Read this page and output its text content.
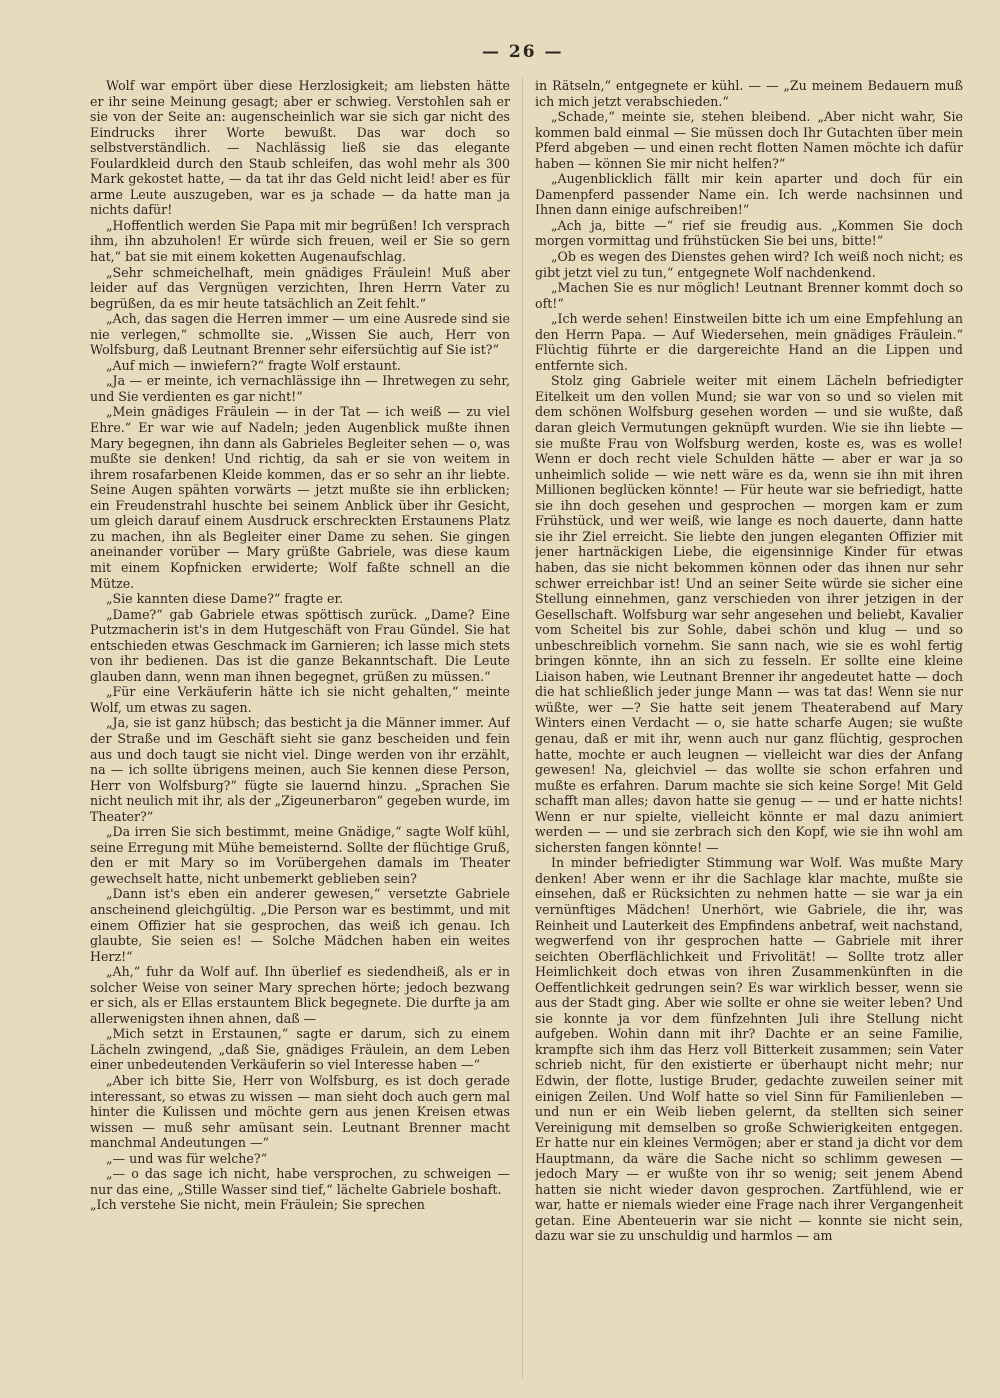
— 26 —

Wolf war empört über diese Herzlosigkeit; am liebsten hätte er ihr seine Meinung gesagt; aber er schwieg. Verstohlen sah er sie von der Seite an: augenscheinlich war sie sich gar nicht des Eindrucks ihrer Worte bewußt. Das war doch so selbstverständlich. — Nachlässig ließ sie das elegante Foulardkleid durch den Staub schleifen, das wohl mehr als 300 Mark gekostet hatte, — da tat ihr das Geld nicht leid! aber es für arme Leute auszugeben, war es ja schade — da hatte man ja nichts dafür!

„Hoffentlich werden Sie Papa mit mir begrüßen! Ich versprach ihm, ihn abzuholen! Er würde sich freuen, weil er Sie so gern hat,“ bat sie mit einem koketten Augenaufschlag.

„Sehr schmeichelhaft, mein gnädiges Fräulein! Muß aber leider auf das Vergnügen verzichten, Ihren Herrn Vater zu begrüßen, da es mir heute tatsächlich an Zeit fehlt.“

„Ach, das sagen die Herren immer — um eine Ausrede sind sie nie verlegen,“ schmollte sie. „Wissen Sie auch, Herr von Wolfsburg, daß Leutnant Brenner sehr eifersüchtig auf Sie ist?“

„Auf mich — inwiefern?“ fragte Wolf erstaunt.

„Ja — er meinte, ich vernachlässige ihn — Ihretwegen zu sehr, und Sie verdienten es gar nicht!“

„Mein gnädiges Fräulein — in der Tat — ich weiß — zu viel Ehre.“ Er war wie auf Nadeln; jeden Augenblick mußte ihnen Mary begegnen, ihn dann als Gabrieles Begleiter sehen — o, was mußte sie denken! Und richtig, da sah er sie von weitem in ihrem rosafarbenen Kleide kommen, das er so sehr an ihr liebte. Seine Augen spähten vorwärts — jetzt mußte sie ihn erblicken; ein Freudenstrahl huschte bei seinem Anblick über ihr Gesicht, um gleich darauf einem Ausdruck erschreckten Erstaunens Platz zu machen, ihn als Begleiter einer Dame zu sehen. Sie gingen aneinander vorüber — Mary grüßte Gabriele, was diese kaum mit einem Kopfnicken erwiderte; Wolf faßte schnell an die Mütze.

„Sie kannten diese Dame?“ fragte er.

„Dame?“ gab Gabriele etwas spöttisch zurück. „Dame? Eine Putzmacherin ist's in dem Hutgeschäft von Frau Gündel. Sie hat entschieden etwas Geschmack im Garnieren; ich lasse mich stets von ihr bedienen. Das ist die ganze Bekanntschaft. Die Leute glauben dann, wenn man ihnen begegnet, grüßen zu müssen.“

„Für eine Verkäuferin hätte ich sie nicht gehalten,“ meinte Wolf, um etwas zu sagen.

„Ja, sie ist ganz hübsch; das besticht ja die Männer immer. Auf der Straße und im Geschäft sieht sie ganz bescheiden und fein aus und doch taugt sie nicht viel. Dinge werden von ihr erzählt, na — ich sollte übrigens meinen, auch Sie kennen diese Person, Herr von Wolfsburg?“ fügte sie lauernd hinzu. „Sprachen Sie nicht neulich mit ihr, als der „Zigeunerbaron“ gegeben wurde, im Theater?“

„Da irren Sie sich bestimmt, meine Gnädige,“ sagte Wolf kühl, seine Erregung mit Mühe bemeisternd. Sollte der flüchtige Gruß, den er mit Mary so im Vorübergehen damals im Theater gewechselt hatte, nicht unbemerkt geblieben sein?

„Dann ist's eben ein anderer gewesen,“ versetzte Gabriele anscheinend gleichgültig. „Die Person war es bestimmt, und mit einem Offizier hat sie gesprochen, das weiß ich genau. Ich glaubte, Sie seien es! — Solche Mädchen haben ein weites Herz!“

„Ah,“ fuhr da Wolf auf. Ihn überlief es siedendheiß, als er in solcher Weise von seiner Mary sprechen hörte; jedoch bezwang er sich, als er Ellas erstauntem Blick begegnete. Die durfte ja am allerwenigsten ihnen ahnen, daß —

„Mich setzt in Erstaunen,“ sagte er darum, sich zu einem Lächeln zwingend, „daß Sie, gnädiges Fräulein, an dem Leben einer unbedeutenden Verkäuferin so viel Interesse haben —“

„Aber ich bitte Sie, Herr von Wolfsburg, es ist doch gerade interessant, so etwas zu wissen — man sieht doch auch gern mal hinter die Kulissen und möchte gern aus jenen Kreisen etwas wissen — muß sehr amüsant sein. Leutnant Brenner macht manchmal Andeutungen —“

„— und was für welche?“

„— o das sage ich nicht, habe versprochen, zu schweigen — nur das eine, „Stille Wasser sind tief,“ lächelte Gabriele boshaft.

„Ich verstehe Sie nicht, mein Fräulein; Sie sprechen

in Rätseln,“ entgegnete er kühl. — — „Zu meinem Bedauern muß ich mich jetzt verabschieden.“

„Schade,“ meinte sie, stehen bleibend. „Aber nicht wahr, Sie kommen bald einmal — Sie müssen doch Ihr Gutachten über mein Pferd abgeben — und einen recht flotten Namen möchte ich dafür haben — können Sie mir nicht helfen?“

„Augenblicklich fällt mir kein aparter und doch für ein Damenpferd passender Name ein. Ich werde nachsinnen und Ihnen dann einige aufschreiben!“

„Ach ja, bitte —“ rief sie freudig aus. „Kommen Sie doch morgen vormittag und frühstücken Sie bei uns, bitte!“

„Ob es wegen des Dienstes gehen wird? Ich weiß noch nicht; es gibt jetzt viel zu tun,“ entgegnete Wolf nachdenkend.

„Machen Sie es nur möglich! Leutnant Brenner kommt doch so oft!“

„Ich werde sehen! Einstweilen bitte ich um eine Empfehlung an den Herrn Papa. — Auf Wiedersehen, mein gnädiges Fräulein.“ Flüchtig führte er die dargereichte Hand an die Lippen und entfernte sich.

Stolz ging Gabriele weiter mit einem Lächeln befriedigter Eitelkeit um den vollen Mund; sie war von so und so vielen mit dem schönen Wolfsburg gesehen worden — und sie wußte, daß daran gleich Vermutungen geknüpft wurden. Wie sie ihn liebte — sie mußte Frau von Wolfsburg werden, koste es, was es wolle! Wenn er doch recht viele Schulden hätte — aber er war ja so unheimlich solide — wie nett wäre es da, wenn sie ihn mit ihren Millionen beglücken könnte! — Für heute war sie befriedigt, hatte sie ihn doch gesehen und gesprochen — morgen kam er zum Frühstück, und wer weiß, wie lange es noch dauerte, dann hatte sie ihr Ziel erreicht. Sie liebte den jungen eleganten Offizier mit jener hartnäckigen Liebe, die eigensinnige Kinder für etwas haben, das sie nicht bekommen können oder das ihnen nur sehr schwer erreichbar ist! Und an seiner Seite würde sie sicher eine Stellung einnehmen, ganz verschieden von ihrer jetzigen in der Gesellschaft. Wolfsburg war sehr angesehen und beliebt, Kavalier vom Scheitel bis zur Sohle, dabei schön und klug — und so unbeschreiblich vornehm. Sie sann nach, wie sie es wohl fertig bringen könnte, ihn an sich zu fesseln. Er sollte eine kleine Liaison haben, wie Leutnant Brenner ihr angedeutet hatte — doch die hat schließlich jeder junge Mann — was tat das! Wenn sie nur wüßte, wer —? Sie hatte seit jenem Theaterabend auf Mary Winters einen Verdacht — o, sie hatte scharfe Augen; sie wußte genau, daß er mit ihr, wenn auch nur ganz flüchtig, gesprochen hatte, mochte er auch leugnen — vielleicht war dies der Anfang gewesen! Na, gleichviel — das wollte sie schon erfahren und mußte es erfahren. Darum machte sie sich keine Sorge! Mit Geld schafft man alles; davon hatte sie genug — — und er hatte nichts! Wenn er nur spielte, vielleicht könnte er mal dazu animiert werden — — und sie zerbrach sich den Kopf, wie sie ihn wohl am sichersten fangen könnte! —

In minder befriedigter Stimmung war Wolf. Was mußte Mary denken! Aber wenn er ihr die Sachlage klar machte, mußte sie einsehen, daß er Rücksichten zu nehmen hatte — sie war ja ein vernünftiges Mädchen! Unerhört, wie Gabriele, die ihr, was Reinheit und Lauterkeit des Empfindens anbetraf, weit nachstand, wegwerfend von ihr gesprochen hatte — Gabriele mit ihrer seichten Oberflächlichkeit und Frivolität! — Sollte trotz aller Heimlichkeit doch etwas von ihren Zusammenkünften in die Oeffentlichkeit gedrungen sein? Es war wirklich besser, wenn sie aus der Stadt ging. Aber wie sollte er ohne sie weiter leben? Und sie konnte ja vor dem fünfzehnten Juli ihre Stellung nicht aufgeben. Wohin dann mit ihr? Dachte er an seine Familie, krampfte sich ihm das Herz voll Bitterkeit zusammen; sein Vater schrieb nicht, für den existierte er überhaupt nicht mehr; nur Edwin, der flotte, lustige Bruder, gedachte zuweilen seiner mit einigen Zeilen. Und Wolf hatte so viel Sinn für Familienleben — und nun er ein Weib lieben gelernt, da stellten sich seiner Vereinigung mit demselben so große Schwierigkeiten entgegen. Er hatte nur ein kleines Vermögen; aber er stand ja dicht vor dem Hauptmann, da wäre die Sache nicht so schlimm gewesen — jedoch Mary — er wußte von ihr so wenig; seit jenem Abend hatten sie nicht wieder davon gesprochen. Zartfühlend, wie er war, hatte er niemals wieder eine Frage nach ihrer Vergangenheit getan. Eine Abenteuerin war sie nicht — konnte sie nicht sein, dazu war sie zu unschuldig und harmlos — am
